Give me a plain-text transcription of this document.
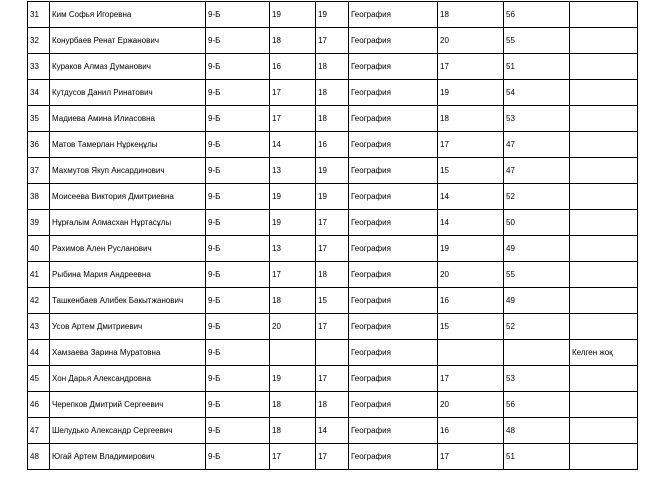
31	Ким Софья Игоревна	9-Б	19	19	География	18	56	
32	Конурбаев Ренат Ержанович	9-Б	18	17	География	20	55	
33	Кураков Алмаз Думанович	9-Б	16	18	География	17	51	
34	Кутдусов Данил Ринатович	9-Б	17	18	География	19	54	
35	Мадиева Амина Илиасовна	9-Б	17	18	География	18	53	
36	Матов Тамерлан Нұркеңұлы	9-Б	14	16	География	17	47	
37	Махмутов Якуп Ансардинович	9-Б	13	19	География	15	47	
38	Моисеева Виктория Дмитриевна	9-Б	19	19	География	14	52	
39	Нұрғалым Алмасхан Нұртасұлы	9-Б	19	17	География	14	50	
40	Рахимов Ален Русланович	9-Б	13	17	География	19	49	
41	Рыбина Мария Андреевна	9-Б	17	18	География	20	55	
42	Ташкенбаев Алибек Бакытжанович	9-Б	18	15	География	16	49	
43	Усов Артем Дмитриевич	9-Б	20	17	География	15	52	
44	Хамзаева Зарина Муратовна	9-Б			География			Келген жоқ
45	Хон Дарья Александровна	9-Б	19	17	География	17	53	
46	Черепков Дмитрий Сергеевич	9-Б	18	18	География	20	56	
47	Шелудько Александр Сергеевич	9-Б	18	14	География	16	48	
48	Югай Артем Владимирович	9-Б	17	17	География	17	51	
